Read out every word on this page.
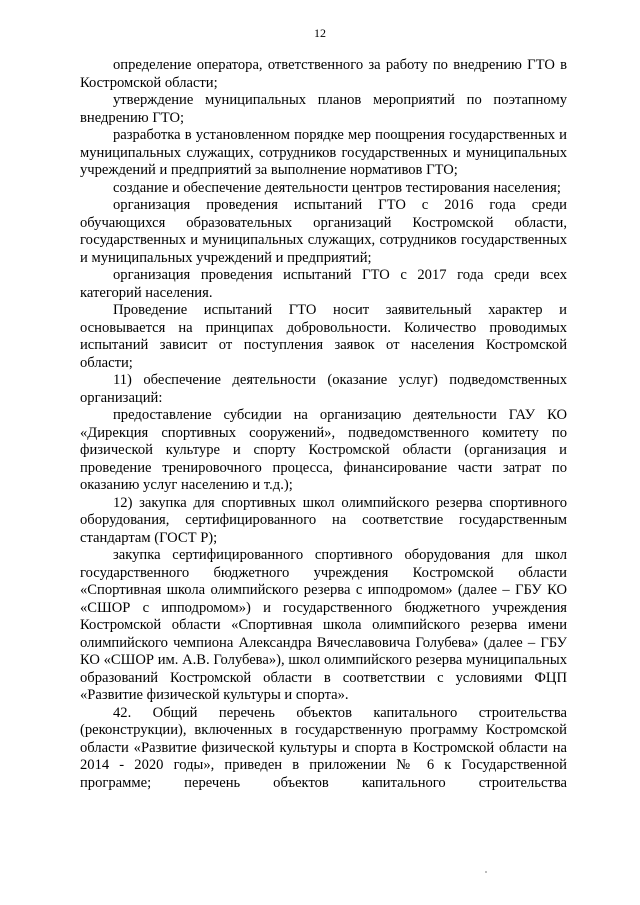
12

определение оператора, ответственного за работу по внедрению ГТО в Костромской области;

утверждение муниципальных планов мероприятий по поэтапному внедрению ГТО;

разработка в установленном порядке мер поощрения государственных и муниципальных служащих, сотрудников государственных и муниципальных учреждений и предприятий за выполнение нормативов ГТО;

создание и обеспечение деятельности центров тестирования населения;

организация проведения испытаний ГТО с 2016 года среди обучающихся образовательных организаций Костромской области, государственных и муниципальных служащих, сотрудников государственных и муниципальных учреждений и предприятий;

организация проведения испытаний ГТО с 2017 года среди всех категорий населения.

Проведение испытаний ГТО носит заявительный характер и основывается на принципах добровольности. Количество проводимых испытаний зависит от поступления заявок от населения Костромской области;

11) обеспечение деятельности (оказание услуг) подведомственных организаций:

предоставление субсидии на организацию деятельности ГАУ КО «Дирекция спортивных сооружений», подведомственного комитету по физической культуре и спорту Костромской области (организация и проведение тренировочного процесса, финансирование части затрат по оказанию услуг населению и т.д.);

12) закупка для спортивных школ олимпийского резерва спортивного оборудования, сертифицированного на соответствие государственным стандартам (ГОСТ Р);

закупка сертифицированного спортивного оборудования для школ государственного бюджетного учреждения Костромской области «Спортивная школа олимпийского резерва с ипподромом» (далее – ГБУ КО «СШОР с ипподромом») и государственного бюджетного учреждения Костромской области «Спортивная школа олимпийского резерва имени олимпийского чемпиона Александра Вячеславовича Голубева» (далее – ГБУ КО «СШОР им. А.В. Голубева»), школ олимпийского резерва муниципальных образований Костромской области в соответствии с условиями ФЦП «Развитие физической культуры и спорта».

42. Общий перечень объектов капитального строительства (реконструкции), включенных в государственную программу Костромской области «Развитие физической культуры и спорта в Костромской области на 2014 - 2020 годы», приведен в приложении № 6 к Государственной программе; перечень объектов капитального строительства
